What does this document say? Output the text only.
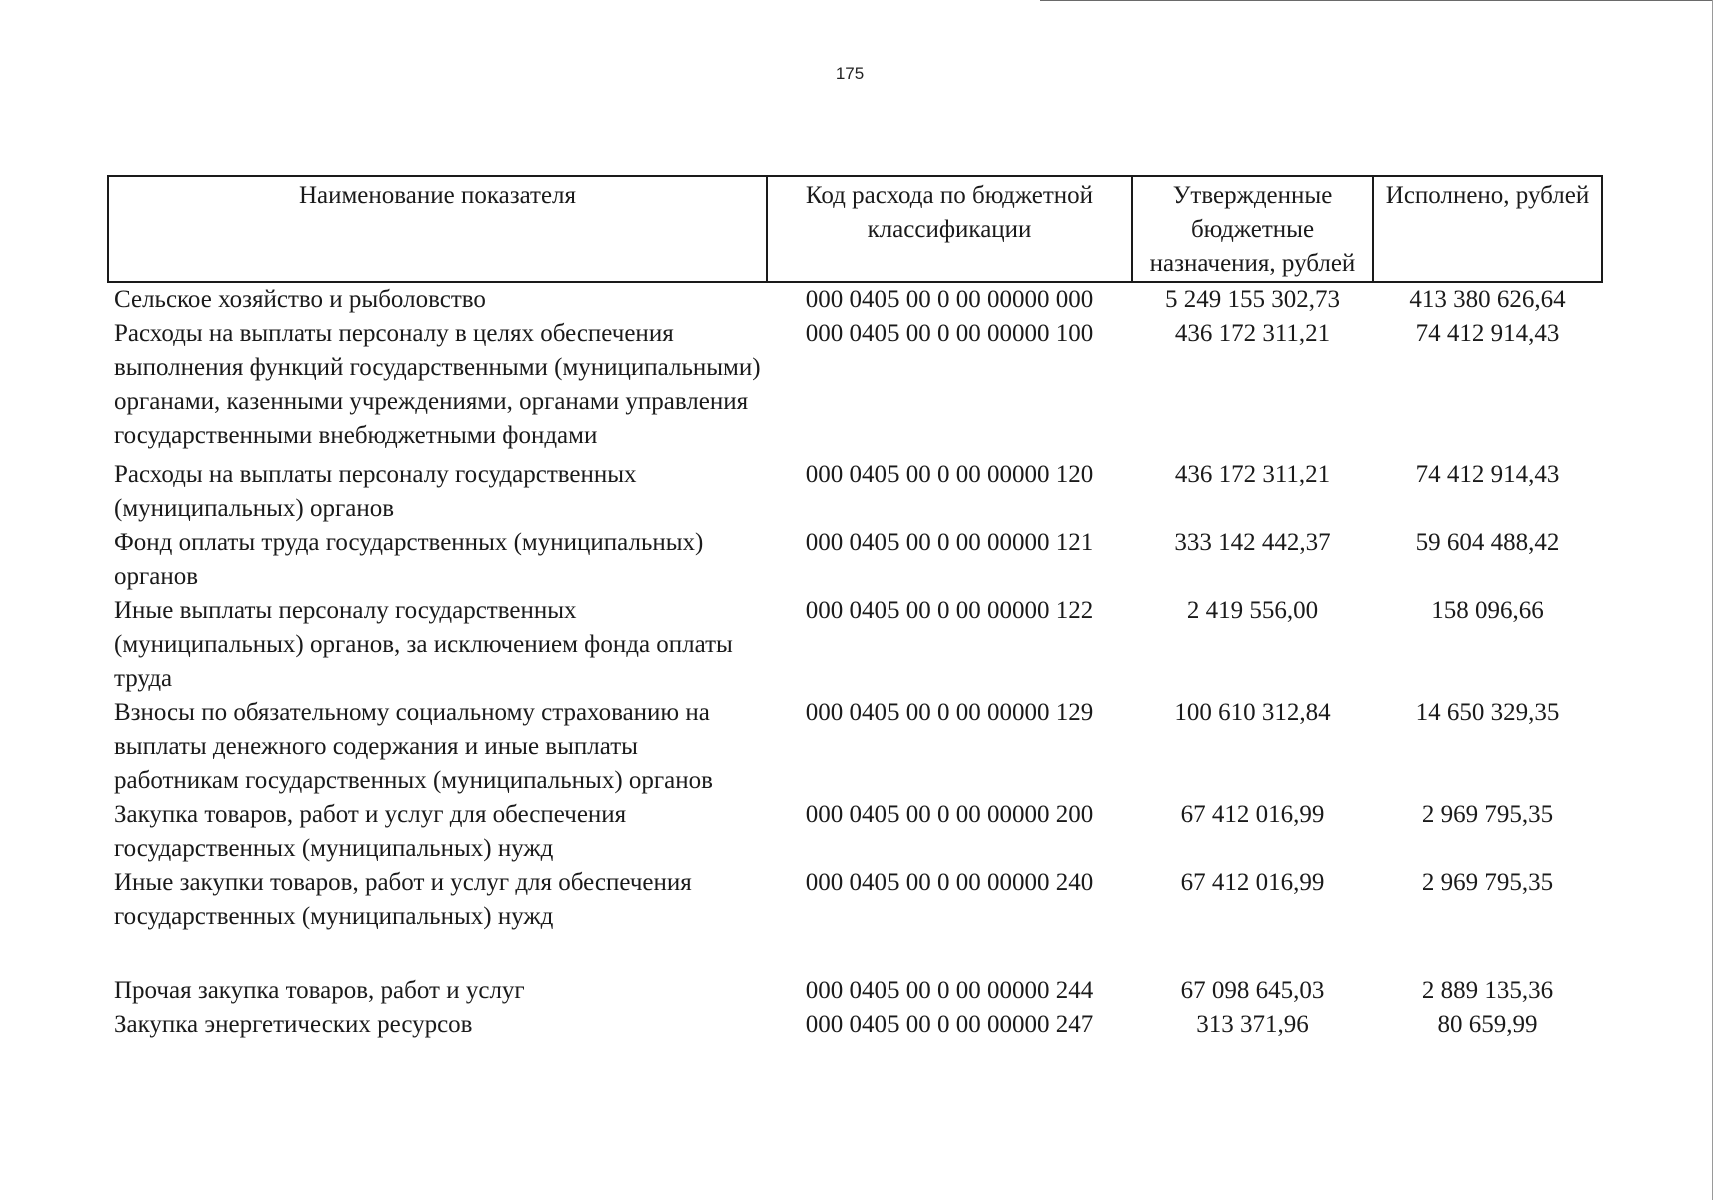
175
Наименование показателя	Код расхода по бюджетной классификации	Утвержденные бюджетные назначения, рублей	Исполнено, рублей
Сельское хозяйство и рыболовство	000 0405 00 0 00 00000 000	5 249 155 302,73	413 380 626,64
Расходы на выплаты персоналу в целях обеспечения выполнения функций государственными (муниципальными) органами, казенными учреждениями, органами управления государственными внебюджетными фондами	000 0405 00 0 00 00000 100	436 172 311,21	74 412 914,43
Расходы на выплаты персоналу государственных (муниципальных) органов	000 0405 00 0 00 00000 120	436 172 311,21	74 412 914,43
Фонд оплаты труда государственных (муниципальных) органов	000 0405 00 0 00 00000 121	333 142 442,37	59 604 488,42
Иные выплаты персоналу государственных (муниципальных) органов, за исключением фонда оплаты труда	000 0405 00 0 00 00000 122	2 419 556,00	158 096,66
Взносы по обязательному социальному страхованию на выплаты денежного содержания и иные выплаты работникам государственных (муниципальных) органов	000 0405 00 0 00 00000 129	100 610 312,84	14 650 329,35
Закупка товаров, работ и услуг для обеспечения государственных (муниципальных) нужд	000 0405 00 0 00 00000 200	67 412 016,99	2 969 795,35
Иные закупки товаров, работ и услуг для обеспечения государственных (муниципальных) нужд	000 0405 00 0 00 00000 240	67 412 016,99	2 969 795,35
Прочая закупка товаров, работ и услуг	000 0405 00 0 00 00000 244	67 098 645,03	2 889 135,36
Закупка энергетических ресурсов	000 0405 00 0 00 00000 247	313 371,96	80 659,99
